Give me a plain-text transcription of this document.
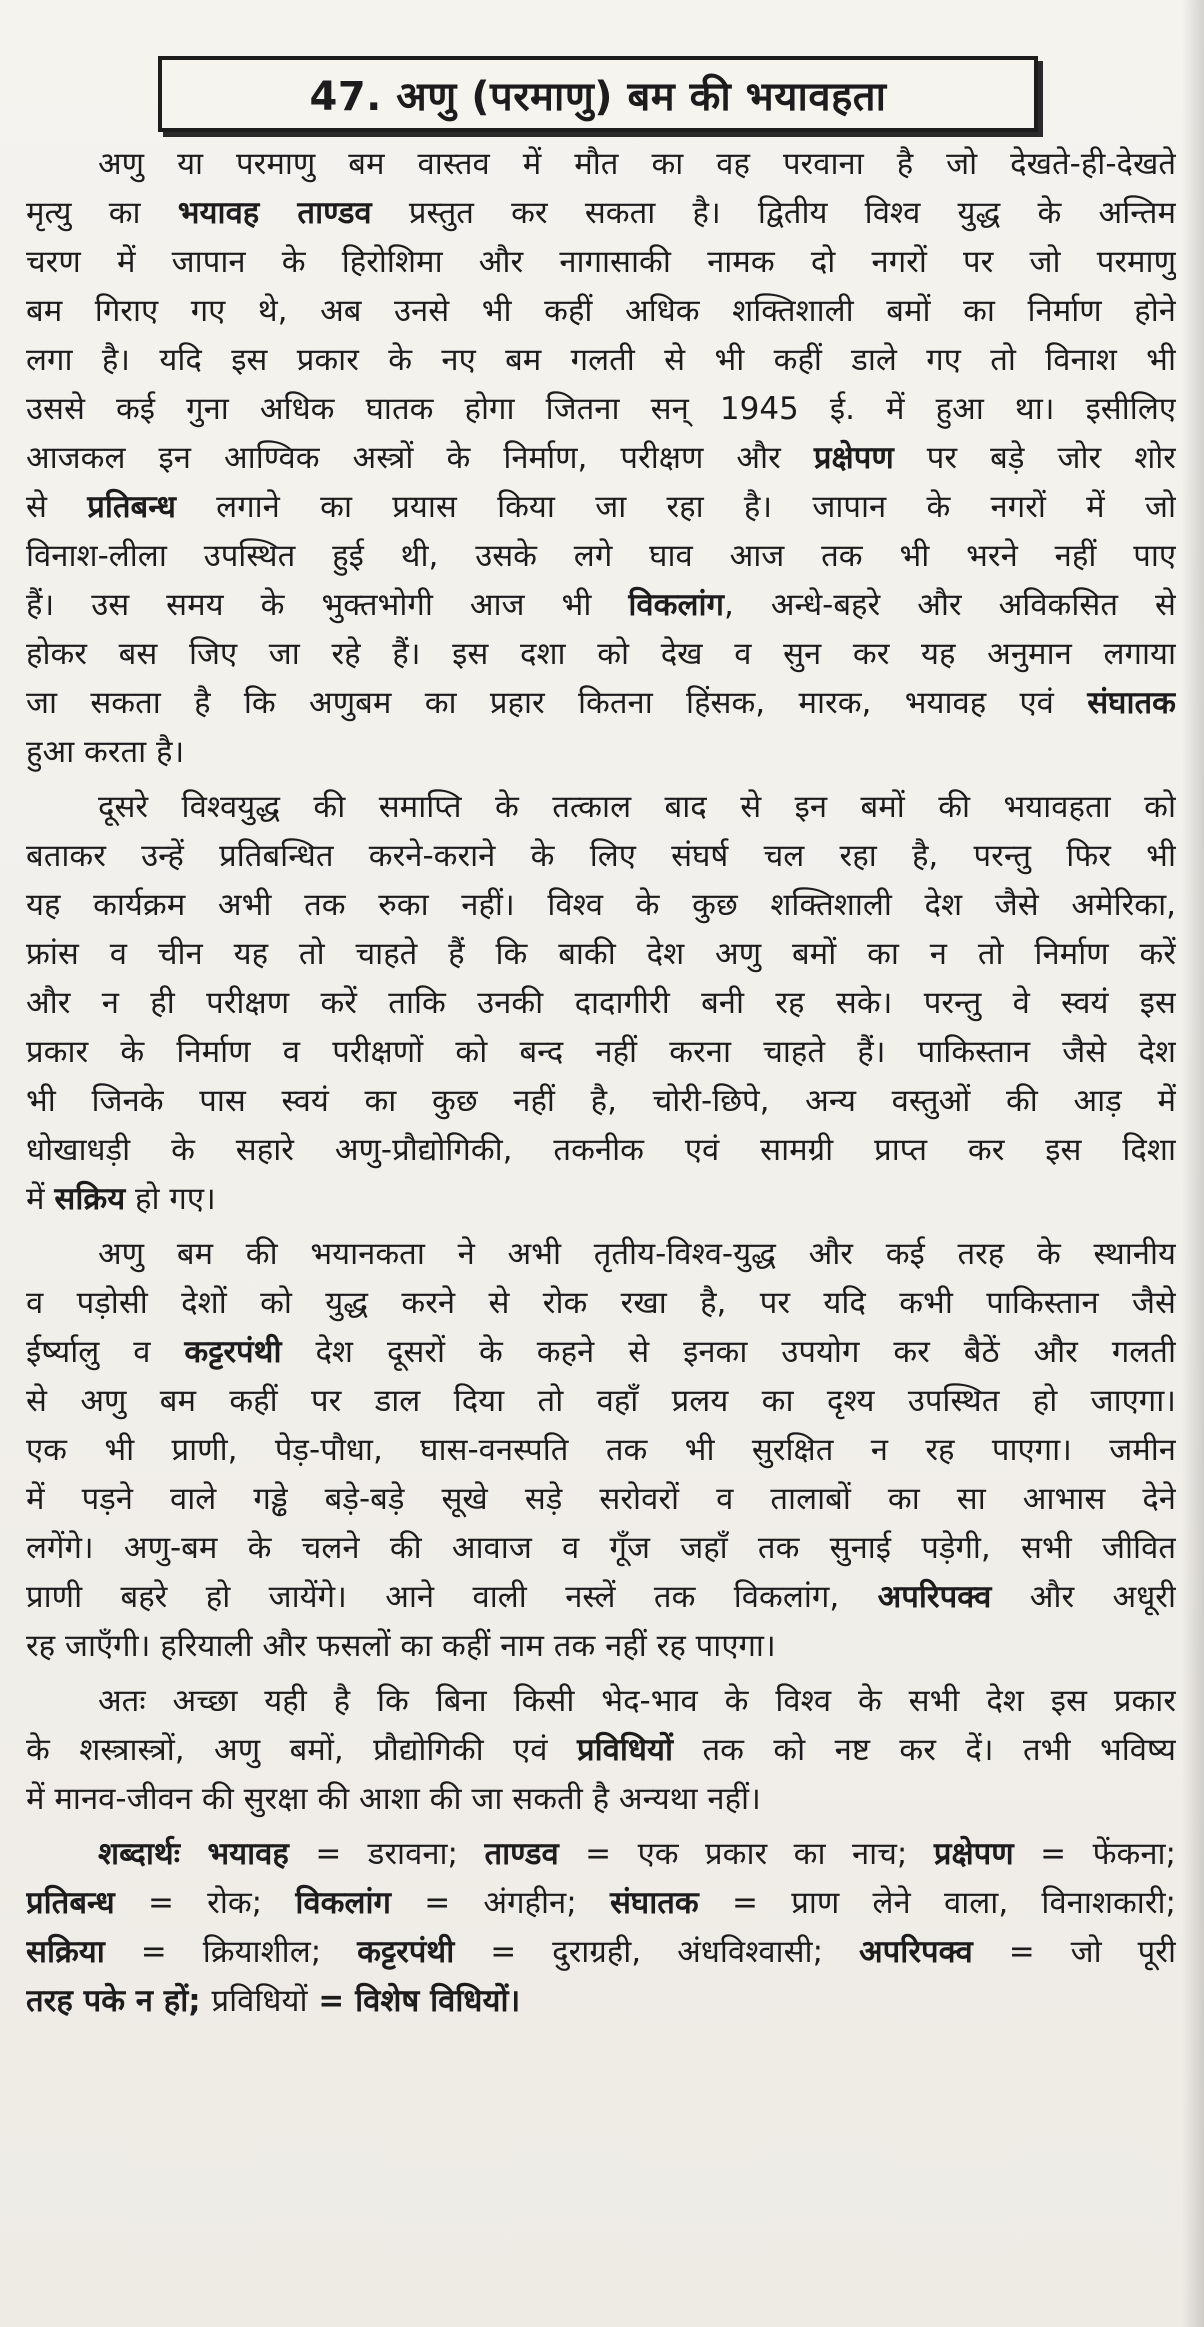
47. अणु (परमाणु) बम की भयावहता
अणु या परमाणु बम वास्तव में मौत का वह परवाना है जो देखते-ही-देखते
मृत्यु का भयावह ताण्डव प्रस्तुत कर सकता है। द्वितीय विश्व युद्ध के अन्तिम
चरण में जापान के हिरोशिमा और नागासाकी नामक दो नगरों पर जो परमाणु
बम गिराए गए थे, अब उनसे भी कहीं अधिक शक्तिशाली बमों का निर्माण होने
लगा है। यदि इस प्रकार के नए बम गलती से भी कहीं डाले गए तो विनाश भी
उससे कई गुना अधिक घातक होगा जितना सन् 1945 ई. में हुआ था। इसीलिए
आजकल इन आण्विक अस्त्रों के निर्माण, परीक्षण और प्रक्षेपण पर बड़े जोर शोर
से प्रतिबन्ध लगाने का प्रयास किया जा रहा है। जापान के नगरों में जो
विनाश-लीला उपस्थित हुई थी, उसके लगे घाव आज तक भी भरने नहीं पाए
हैं। उस समय के भुक्तभोगी आज भी विकलांग, अन्धे-बहरे और अविकसित से
होकर बस जिए जा रहे हैं। इस दशा को देख व सुन कर यह अनुमान लगाया
जा सकता है कि अणुबम का प्रहार कितना हिंसक, मारक, भयावह एवं संघातक
हुआ करता है।
दूसरे विश्वयुद्ध की समाप्ति के तत्काल बाद से इन बमों की भयावहता को
बताकर उन्हें प्रतिबन्धित करने-कराने के लिए संघर्ष चल रहा है, परन्तु फिर भी
यह कार्यक्रम अभी तक रुका नहीं। विश्व के कुछ शक्तिशाली देश जैसे अमेरिका,
फ्रांस व चीन यह तो चाहते हैं कि बाकी देश अणु बमों का न तो निर्माण करें
और न ही परीक्षण करें ताकि उनकी दादागीरी बनी रह सके। परन्तु वे स्वयं इस
प्रकार के निर्माण व परीक्षणों को बन्द नहीं करना चाहते हैं। पाकिस्तान जैसे देश
भी जिनके पास स्वयं का कुछ नहीं है, चोरी-छिपे, अन्य वस्तुओं की आड़ में
धोखाधड़ी के सहारे अणु-प्रौद्योगिकी, तकनीक एवं सामग्री प्राप्त कर इस दिशा
में सक्रिय हो गए।
अणु बम की भयानकता ने अभी तृतीय-विश्व-युद्ध और कई तरह के स्थानीय
व पड़ोसी देशों को युद्ध करने से रोक रखा है, पर यदि कभी पाकिस्तान जैसे
ईर्ष्यालु व कट्टरपंथी देश दूसरों के कहने से इनका उपयोग कर बैठें और गलती
से अणु बम कहीं पर डाल दिया तो वहाँ प्रलय का दृश्य उपस्थित हो जाएगा।
एक भी प्राणी, पेड़-पौधा, घास-वनस्पति तक भी सुरक्षित न रह पाएगा। जमीन
में पड़ने वाले गड्ढे बड़े-बड़े सूखे सड़े सरोवरों व तालाबों का सा आभास देने
लगेंगे। अणु-बम के चलने की आवाज व गूँज जहाँ तक सुनाई पड़ेगी, सभी जीवित
प्राणी बहरे हो जायेंगे। आने वाली नस्लें तक विकलांग, अपरिपक्व और अधूरी
रह जाएँगी। हरियाली और फसलों का कहीं नाम तक नहीं रह पाएगा।
अतः अच्छा यही है कि बिना किसी भेद-भाव के विश्व के सभी देश इस प्रकार
के शस्त्रास्त्रों, अणु बमों, प्रौद्योगिकी एवं प्रविधियों तक को नष्ट कर दें। तभी भविष्य
में मानव-जीवन की सुरक्षा की आशा की जा सकती है अन्यथा नहीं।
शब्दार्थः भयावह = डरावना; ताण्डव = एक प्रकार का नाच; प्रक्षेपण = फेंकना;
प्रतिबन्ध = रोक; विकलांग = अंगहीन; संघातक = प्राण लेने वाला, विनाशकारी;
सक्रिया = क्रियाशील; कट्टरपंथी = दुराग्रही, अंधविश्वासी; अपरिपक्व = जो पूरी
तरह पके न हों; प्रविधियों = विशेष विधियों।
